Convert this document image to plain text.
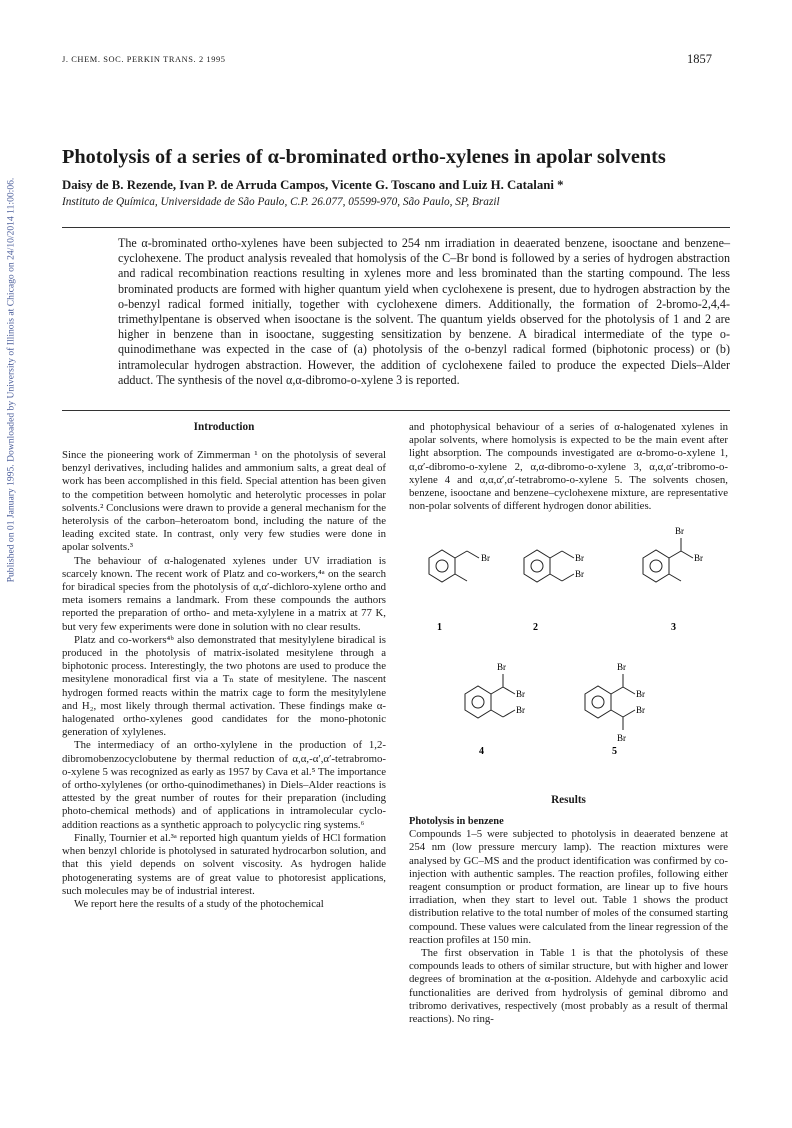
Published on 01 January 1995. Downloaded by University of Illinois at Chicago on 24/10/2014 11:00:06.
J. CHEM. SOC. PERKIN TRANS. 2 1995	1857
Photolysis of a series of α-brominated ortho-xylenes in apolar solvents
Daisy de B. Rezende, Ivan P. de Arruda Campos, Vicente G. Toscano and Luiz H. Catalani *
Instituto de Química, Universidade de São Paulo, C.P. 26.077, 05599-970, São Paulo, SP, Brazil
The α-brominated ortho-xylenes have been subjected to 254 nm irradiation in deaerated benzene, isooctane and benzene–cyclohexene. The product analysis revealed that homolysis of the C–Br bond is followed by a series of hydrogen abstraction and radical recombination reactions resulting in xylenes more and less brominated than the starting compound. The less brominated products are formed with higher quantum yield when cyclohexene is present, due to hydrogen abstraction by the o-benzyl radical formed initially, together with cyclohexene dimers. Additionally, the formation of 2-bromo-2,4,4-trimethylpentane is observed when isooctane is the solvent. The quantum yields observed for the photolysis of 1 and 2 are higher in benzene than in isooctane, suggesting sensitization by benzene. A biradical intermediate of the type o-quinodimethane was expected in the case of (a) photolysis of the o-benzyl radical formed (biphotonic process) or (b) intramolecular hydrogen abstraction. However, the addition of cyclohexene failed to produce the expected Diels–Alder adduct. The synthesis of the novel α,α-dibromo-o-xylene 3 is reported.
Introduction

Since the pioneering work of Zimmerman ¹ on the photolysis of several benzyl derivatives, including halides and ammonium salts, a great deal of work has been accomplished in this field. Special attention has been given to the competition between homolytic and heterolytic processes in polar solvents.² Conclusions were drawn to provide a general mechanism for the heterolysis of the carbon–heteroatom bond, including the nature of the leading excited state. In contrast, only very few studies were done in apolar solvents.³

The behaviour of α-halogenated xylenes under UV irradiation is scarcely known. The recent work of Platz and co-workers,⁴ᵃ on the search for biradical species from the photolysis of α,α′-dichloro-xylene ortho and meta isomers remains a landmark. From these compounds the authors reported the preparation of ortho- and meta-xylylene in a matrix at 77 K, but very few experiments were done in solution with no clear results.

Platz and co-workers⁴ᵇ also demonstrated that mesitylylene biradical is produced in the photolysis of matrix-isolated mesitylene through a biphotonic process. Interestingly, the two photons are used to produce the mesitylene monoradical first via a Tₙ state of mesitylene. The nascent hydrogen formed reacts within the matrix cage to form the mesitylylene and H₂, most likely through thermal activation. These findings make α-halogenated ortho-xylenes good candidates for the mono-photonic generation of xylylenes.

The intermediacy of an ortho-xylylene in the production of 1,2-dibromobenzocyclobutene by thermal reduction of α,α,-α′,α′-tetrabromo-o-xylene 5 was recognized as early as 1957 by Cava et al.⁵ The importance of ortho-xylylenes (or ortho-quinodimethanes) in Diels–Alder reactions is attested by the great number of routes for their preparation (including photo-chemical methods) and of applications in intramolecular cyclo-addition reactions as a synthetic approach to polycyclic ring systems.⁶

Finally, Tournier et al.³ᵃ reported high quantum yields of HCl formation when benzyl chloride is photolysed in saturated hydrocarbon solution, and that this yield depends on solvent viscosity. As hydrogen halide photogenerating systems are of great value to photoresist applications, such molecules may be of industrial interest.

We report here the results of a study of the photochemical

and photophysical behaviour of a series of α-halogenated xylenes in apolar solvents, where homolysis is expected to be the main event after light absorption. The compounds investigated are α-bromo-o-xylene 1, α,α′-dibromo-o-xylene 2, α,α-dibromo-o-xylene 3, α,α,α′-tribromo-o-xylene 4 and α,α,α′,α′-tetrabromo-o-xylene 5. The solvents chosen, benzene, isooctane and benzene–cyclohexene mixture, are representative non-polar solvents of different hydrogen donor abilities.

Br
1
Br
Br
2
Br
Br
3
Br
Br
Br
4
Br
Br
Br
Br
5
Results
Photolysis in benzene

Compounds 1–5 were subjected to photolysis in deaerated benzene at 254 nm (low pressure mercury lamp). The reaction mixtures were analysed by GC–MS and the product identification was confirmed by co-injection with authentic samples. The reaction profiles, following either reagent consumption or product formation, are linear up to five hours irradiation, when they start to level out. Table 1 shows the product distribution relative to the total number of moles of the consumed starting compound. These values were calculated from the linear regression of the reaction profiles at 150 min.

The first observation in Table 1 is that the photolysis of these compounds leads to others of similar structure, but with higher and lower degrees of bromination at the α-position. Aldehyde and carboxylic acid functionalities are derived from hydrolysis of geminal dibromo and tribromo derivatives, respectively (most probably as a result of thermal reactions). No ring-
